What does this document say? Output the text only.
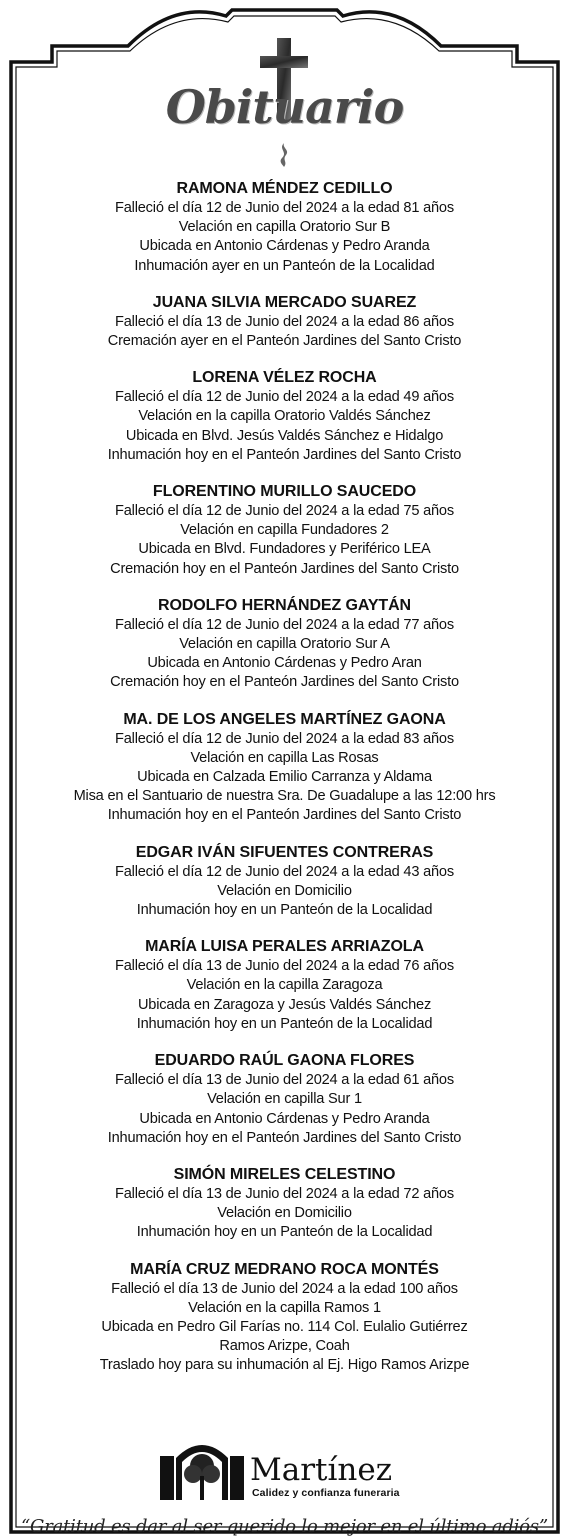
Obituario
RAMONA MÉNDEZ CEDILLO
Falleció el día 12 de Junio del 2024 a la edad 81 años
Velación en capilla Oratorio Sur B
Ubicada en Antonio Cárdenas y Pedro Aranda
Inhumación ayer en un Panteón de la Localidad
JUANA SILVIA MERCADO SUAREZ
Falleció el día 13 de Junio del 2024 a la edad 86 años
Cremación ayer en el Panteón Jardines del Santo Cristo
LORENA VÉLEZ ROCHA
Falleció el día 12 de Junio del 2024 a la edad 49 años
Velación en la capilla Oratorio Valdés Sánchez
Ubicada en Blvd. Jesús Valdés Sánchez e Hidalgo
Inhumación hoy en el Panteón Jardines del Santo Cristo
FLORENTINO MURILLO SAUCEDO
Falleció el día 12 de Junio del 2024 a la edad 75 años
Velación en capilla Fundadores 2
Ubicada en Blvd. Fundadores y Periférico LEA
Cremación hoy en el Panteón Jardines del Santo Cristo
RODOLFO HERNÁNDEZ GAYTÁN
Falleció el día 12 de Junio del 2024 a la edad 77 años
Velación en capilla Oratorio Sur A
Ubicada en Antonio Cárdenas y Pedro Aran
Cremación hoy en el Panteón Jardines del Santo Cristo
MA. DE LOS ANGELES MARTÍNEZ GAONA
Falleció el día 12 de Junio del 2024 a la edad 83 años
Velación en capilla Las Rosas
Ubicada en Calzada Emilio Carranza y Aldama
Misa en el Santuario de nuestra Sra. De Guadalupe a las 12:00 hrs
Inhumación hoy en el Panteón Jardines del Santo Cristo
EDGAR IVÁN SIFUENTES CONTRERAS
Falleció el día 12 de Junio del 2024 a la edad 43 años
Velación en Domicilio
Inhumación hoy en un Panteón de la Localidad
MARÍA LUISA PERALES ARRIAZOLA
Falleció el día 13 de Junio del 2024 a la edad 76 años
Velación en la capilla Zaragoza
Ubicada en Zaragoza y Jesús Valdés Sánchez
Inhumación hoy en un Panteón de la Localidad
EDUARDO RAÚL GAONA FLORES
Falleció el día 13 de Junio del 2024 a la edad 61 años
Velación en capilla Sur 1
Ubicada en Antonio Cárdenas y Pedro Aranda
Inhumación hoy en el Panteón Jardines del Santo Cristo
SIMÓN MIRELES CELESTINO
Falleció el día 13 de Junio del 2024 a la edad 72 años
Velación en Domicilio
Inhumación hoy en un Panteón de la Localidad
MARÍA CRUZ MEDRANO ROCA MONTÉS
Falleció el día 13 de Junio del 2024 a la edad 100 años
Velación en la capilla Ramos 1
Ubicada en Pedro Gil Farías no. 114 Col. Eulalio Gutiérrez
Ramos Arizpe, Coah
Traslado hoy para su inhumación al Ej. Higo Ramos Arizpe
Martínez
Calidez y confianza funeraria
“Gratitud es dar al ser querido lo mejor en el último adiós”
